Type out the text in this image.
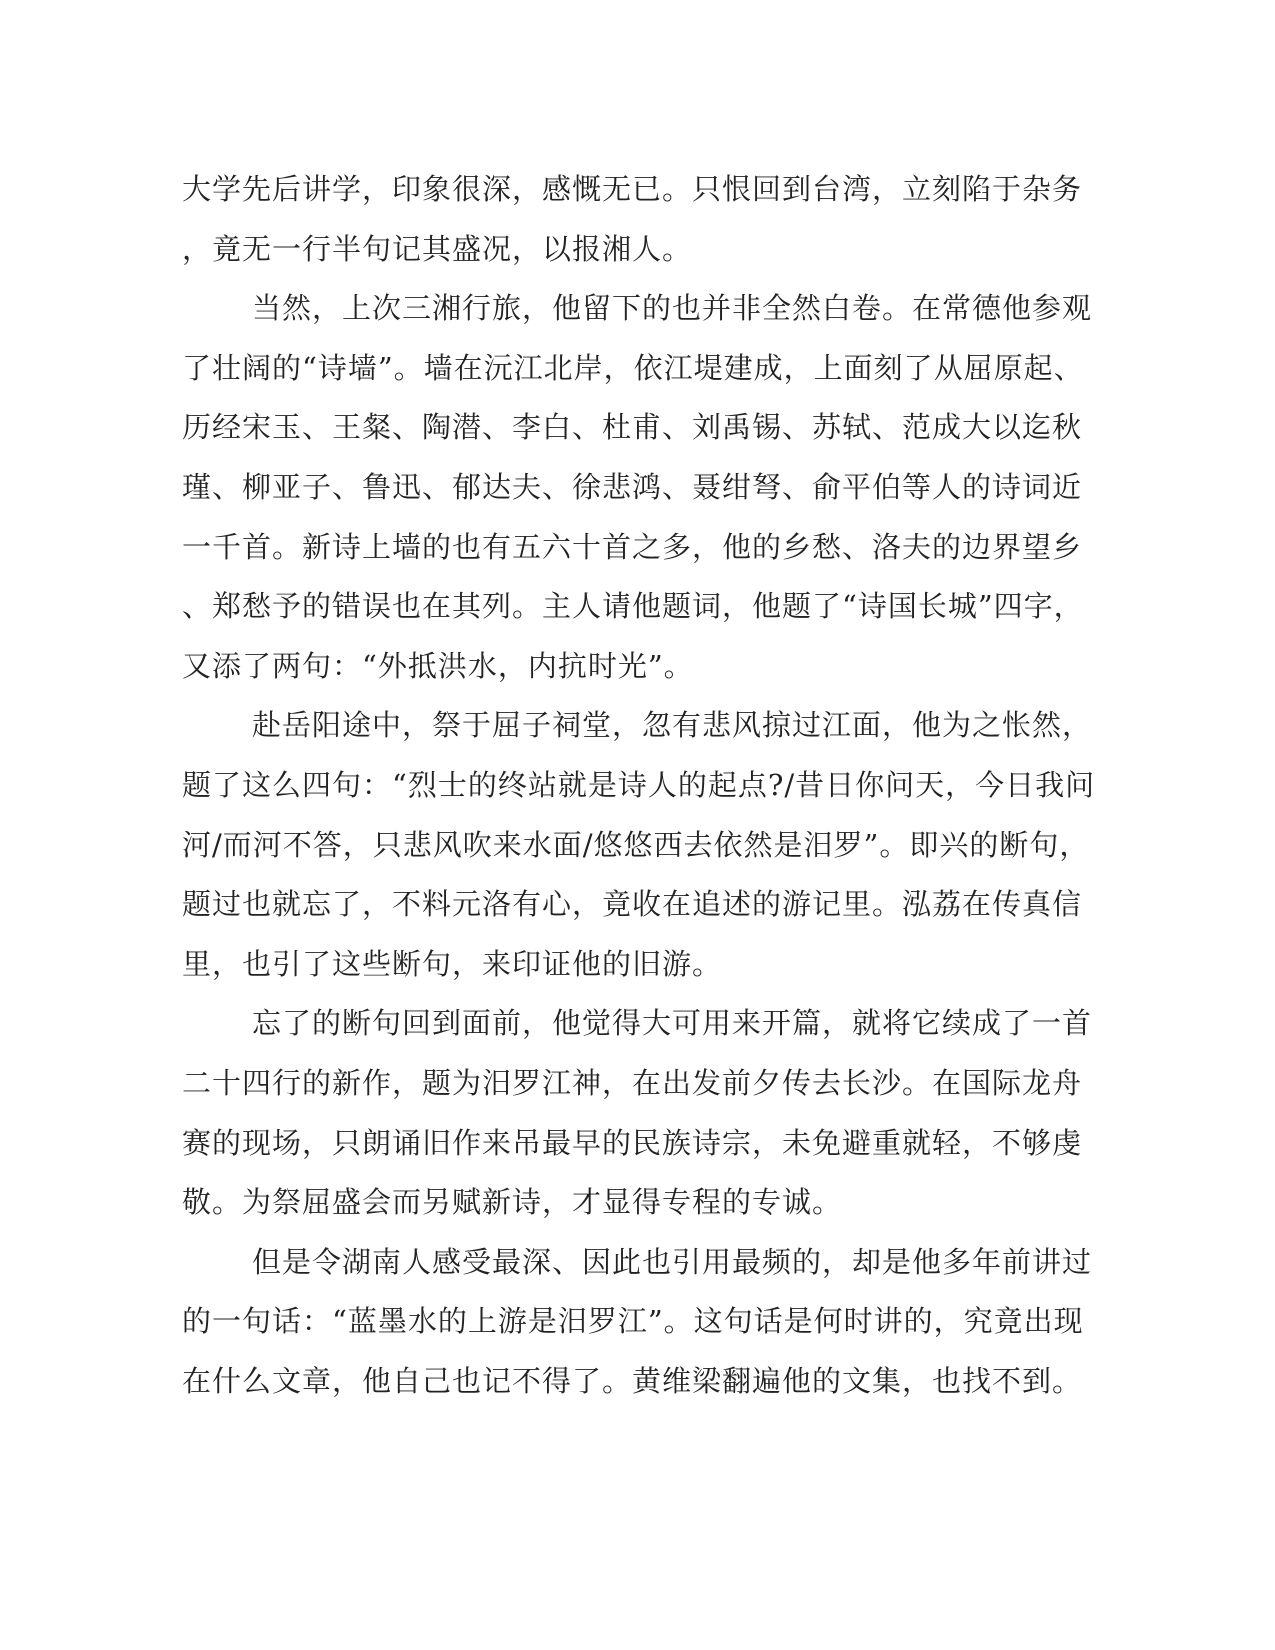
大学先后讲学，印象很深，感慨无已。只恨回到台湾，立刻陷于杂务
，竟无一行半句记其盛况，以报湘人。
当然，上次三湘行旅，他留下的也并非全然白卷。在常德他参观
了壮阔的“诗墙”。墙在沅江北岸，依江堤建成，上面刻了从屈原起、
历经宋玉、王粲、陶潜、李白、杜甫、刘禹锡、苏轼、范成大以迄秋
瑾、柳亚子、鲁迅、郁达夫、徐悲鸿、聂绀弩、俞平伯等人的诗词近
一千首。新诗上墙的也有五六十首之多，他的乡愁、洛夫的边界望乡
、郑愁予的错误也在其列。主人请他题词，他题了“诗国长城”四字，
又添了两句：“外抵洪水，内抗时光”。
赴岳阳途中，祭于屈子祠堂，忽有悲风掠过江面，他为之怅然，
题了这么四句：“烈士的终站就是诗人的起点?/昔日你问天，今日我问
河/而河不答，只悲风吹来水面/悠悠西去依然是汨罗”。即兴的断句，
题过也就忘了，不料元洛有心，竟收在追述的游记里。泓荔在传真信
里，也引了这些断句，来印证他的旧游。
忘了的断句回到面前，他觉得大可用来开篇，就将它续成了一首
二十四行的新作，题为汨罗江神，在出发前夕传去长沙。在国际龙舟
赛的现场，只朗诵旧作来吊最早的民族诗宗，未免避重就轻，不够虔
敬。为祭屈盛会而另赋新诗，才显得专程的专诚。
但是令湖南人感受最深、因此也引用最频的，却是他多年前讲过
的一句话：“蓝墨水的上游是汨罗江”。这句话是何时讲的，究竟出现
在什么文章，他自己也记不得了。黄维梁翻遍他的文集，也找不到。
